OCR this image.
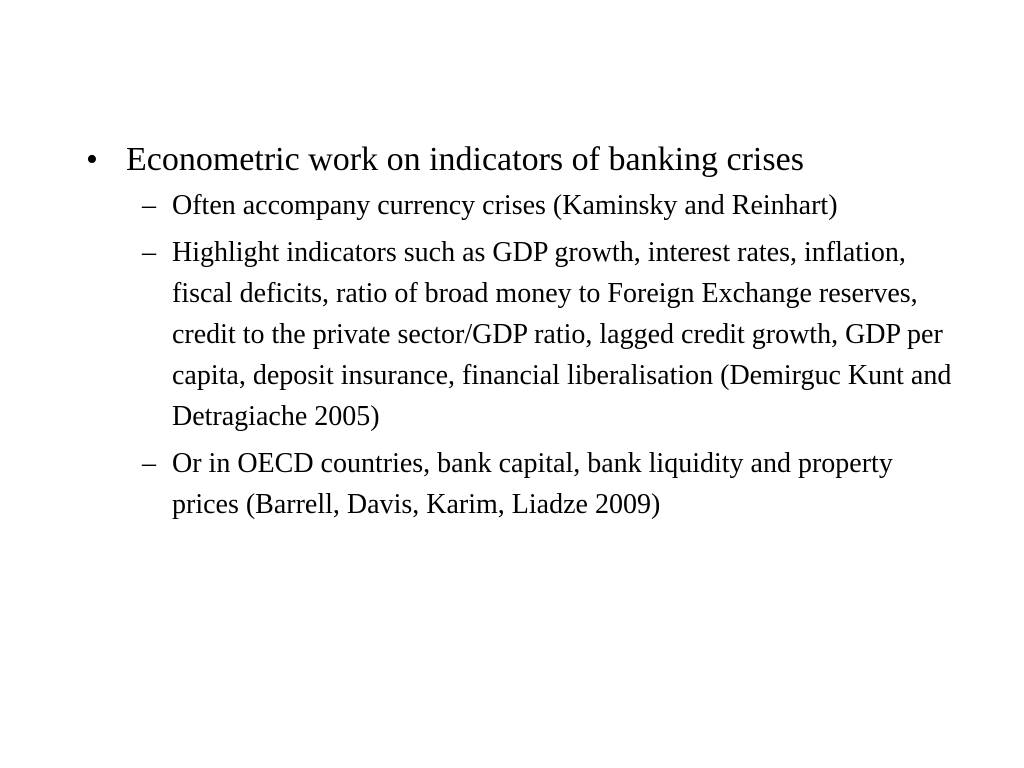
• Econometric work on indicators of banking crises
– Often accompany currency crises (Kaminsky and Reinhart)
– Highlight indicators such as GDP growth, interest rates, inflation, fiscal deficits, ratio of broad money to Foreign Exchange reserves, credit to the private sector/GDP ratio, lagged credit growth, GDP per capita, deposit insurance, financial liberalisation (Demirguc Kunt and Detragiache 2005)
– Or in OECD countries, bank capital, bank liquidity and property prices (Barrell, Davis, Karim, Liadze 2009)
